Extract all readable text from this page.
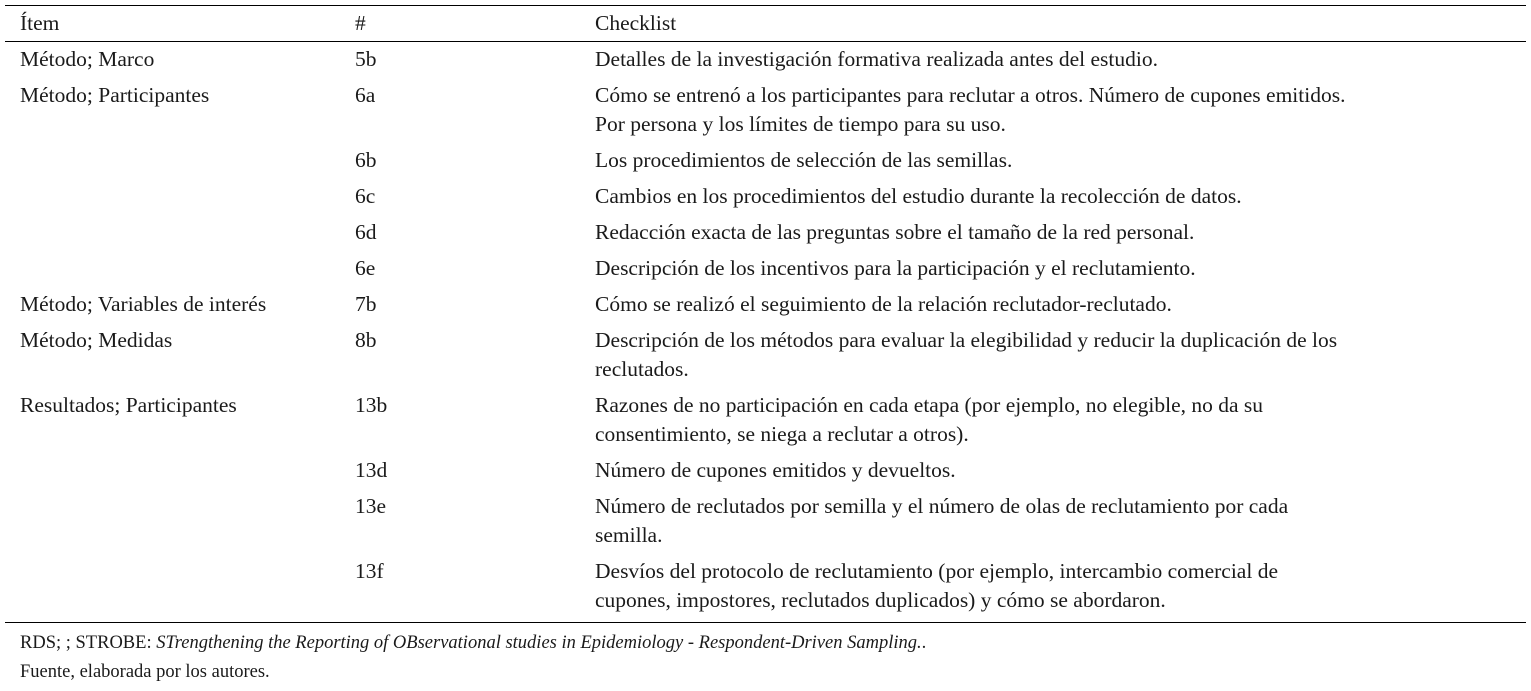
Ítem	#	Checklist
Método; Marco	5b	Detalles de la investigación formativa realizada antes del estudio.
Método; Participantes	6a	Cómo se entrenó a los participantes para reclutar a otros. Número de cupones emitidos.
Por persona y los límites de tiempo para su uso.
6b	Los procedimientos de selección de las semillas.
6c	Cambios en los procedimientos del estudio durante la recolección de datos.
6d	Redacción exacta de las preguntas sobre el tamaño de la red personal.
6e	Descripción de los incentivos para la participación y el reclutamiento.
Método; Variables de interés	7b	Cómo se realizó el seguimiento de la relación reclutador-reclutado.
Método; Medidas	8b	Descripción de los métodos para evaluar la elegibilidad y reducir la duplicación de los
reclutados.
Resultados; Participantes	13b	Razones de no participación en cada etapa (por ejemplo, no elegible, no da su
consentimiento, se niega a reclutar a otros).
13d	Número de cupones emitidos y devueltos.
13e	Número de reclutados por semilla y el número de olas de reclutamiento por cada
semilla.
13f	Desvíos del protocolo de reclutamiento (por ejemplo, intercambio comercial de
cupones, impostores, reclutados duplicados) y cómo se abordaron.
RDS; ; STROBE: STrengthening the Reporting of OBservational studies in Epidemiology - Respondent-Driven Sampling..
Fuente, elaborada por los autores.
